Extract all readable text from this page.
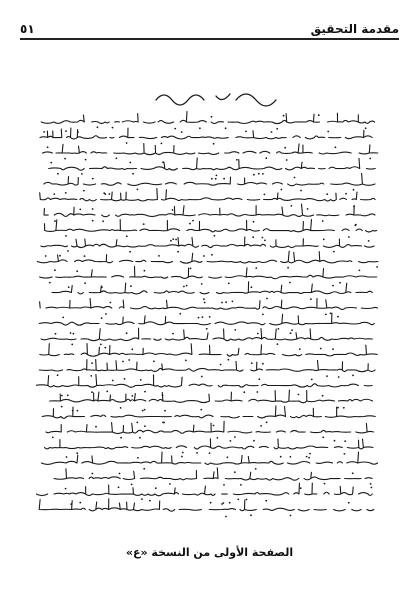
مقدمة التحقيق
٥١
الصفحة الأولى من النسخة «ع»
